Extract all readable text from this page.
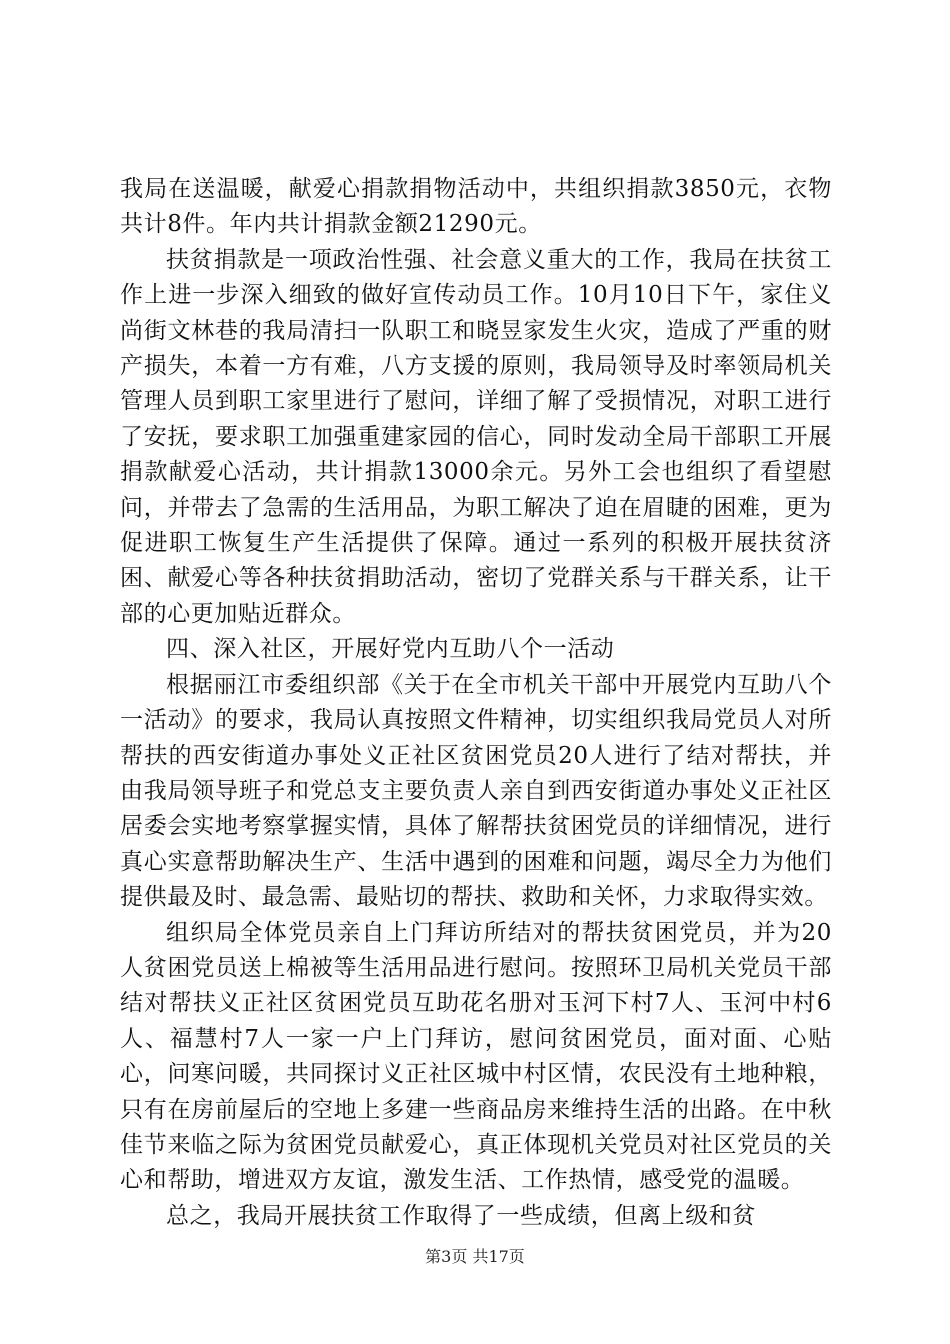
我局在送温暖，献爱心捐款捐物活动中，共组织捐款3850元，衣物共计8件。年内共计捐款金额21290元。

扶贫捐款是一项政治性强、社会意义重大的工作，我局在扶贫工作上进一步深入细致的做好宣传动员工作。10月10日下午，家住义尚街文林巷的我局清扫一队职工和晓昱家发生火灾，造成了严重的财产损失，本着一方有难，八方支援的原则，我局领导及时率领局机关管理人员到职工家里进行了慰问，详细了解了受损情况，对职工进行了安抚，要求职工加强重建家园的信心，同时发动全局干部职工开展捐款献爱心活动，共计捐款13000余元。另外工会也组织了看望慰问，并带去了急需的生活用品，为职工解决了迫在眉睫的困难，更为促进职工恢复生产生活提供了保障。通过一系列的积极开展扶贫济困、献爱心等各种扶贫捐助活动，密切了党群关系与干群关系，让干部的心更加贴近群众。

四、深入社区，开展好党内互助八个一活动

根据丽江市委组织部《关于在全市机关干部中开展党内互助八个一活动》的要求，我局认真按照文件精神，切实组织我局党员人对所帮扶的西安街道办事处义正社区贫困党员20人进行了结对帮扶，并由我局领导班子和党总支主要负责人亲自到西安街道办事处义正社区居委会实地考察掌握实情，具体了解帮扶贫困党员的详细情况，进行真心实意帮助解决生产、生活中遇到的困难和问题，竭尽全力为他们提供最及时、最急需、最贴切的帮扶、救助和关怀，力求取得实效。

组织局全体党员亲自上门拜访所结对的帮扶贫困党员，并为20人贫困党员送上棉被等生活用品进行慰问。按照环卫局机关党员干部结对帮扶义正社区贫困党员互助花名册对玉河下村7人、玉河中村6人、福慧村7人一家一户上门拜访，慰问贫困党员，面对面、心贴心，问寒问暖，共同探讨义正社区城中村区情，农民没有土地种粮，只有在房前屋后的空地上多建一些商品房来维持生活的出路。在中秋佳节来临之际为贫困党员献爱心，真正体现机关党员对社区党员的关心和帮助，增进双方友谊，激发生活、工作热情，感受党的温暖。

总之，我局开展扶贫工作取得了一些成绩，但离上级和贫

第3页 共17页
